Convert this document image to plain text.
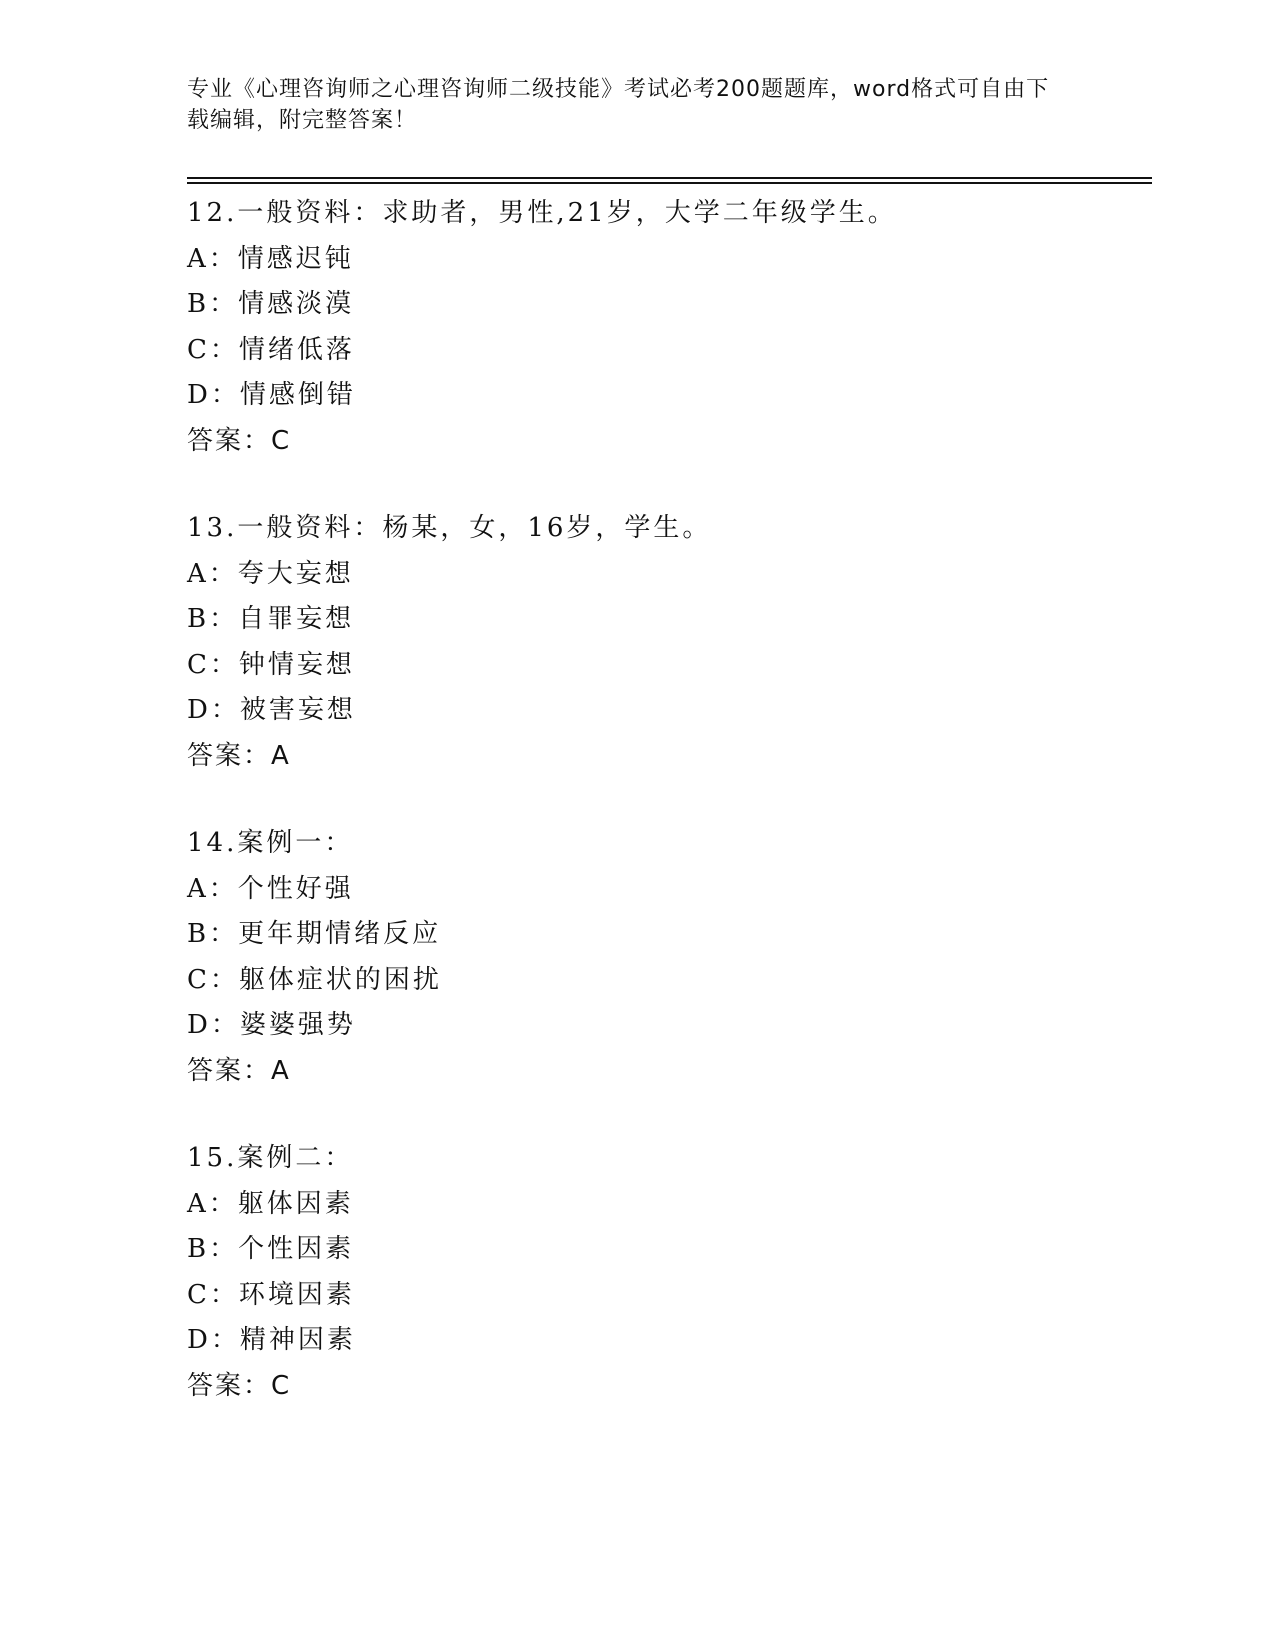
专业《心理咨询师之心理咨询师二级技能》考试必考200题题库，word格式可自由下载编辑，附完整答案！
12.一般资料：求助者，男性,21岁，大学二年级学生。
A：情感迟钝
B：情感淡漠
C：情绪低落
D：情感倒错
答案：C
13.一般资料：杨某，女，16岁，学生。
A：夸大妄想
B：自罪妄想
C：钟情妄想
D：被害妄想
答案：A
14.案例一：
A：个性好强
B：更年期情绪反应
C：躯体症状的困扰
D：婆婆强势
答案：A
15.案例二：
A：躯体因素
B：个性因素
C：环境因素
D：精神因素
答案：C
